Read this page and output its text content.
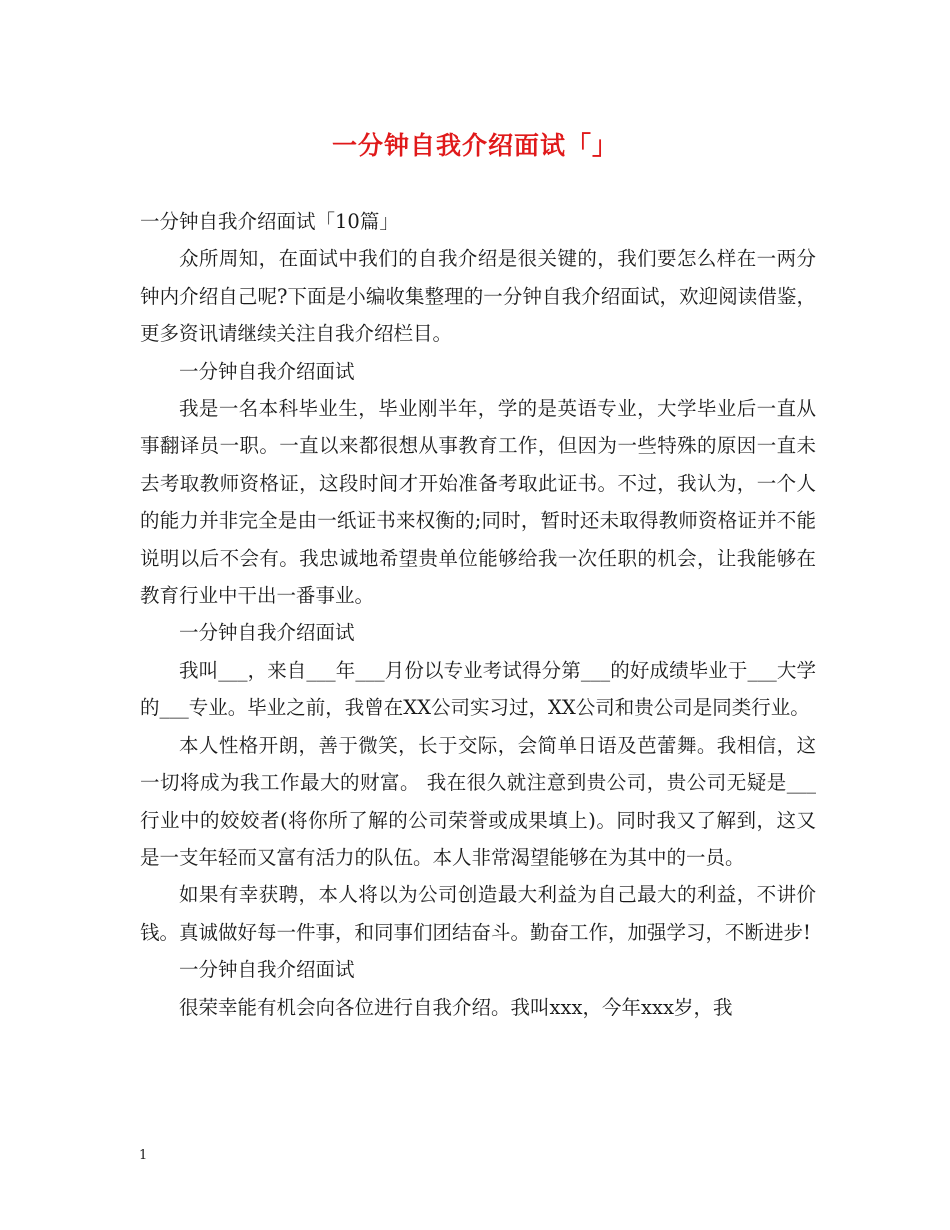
一分钟自我介绍面试「」

一分钟自我介绍面试「10篇」

众所周知，在面试中我们的自我介绍是很关键的，我们要怎么样在一两分钟内介绍自己呢?下面是小编收集整理的一分钟自我介绍面试，欢迎阅读借鉴，更多资讯请继续关注自我介绍栏目。

一分钟自我介绍面试

我是一名本科毕业生，毕业刚半年，学的是英语专业，大学毕业后一直从事翻译员一职。一直以来都很想从事教育工作，但因为一些特殊的原因一直未去考取教师资格证，这段时间才开始准备考取此证书。不过，我认为，一个人的能力并非完全是由一纸证书来权衡的;同时，暂时还未取得教师资格证并不能说明以后不会有。我忠诚地希望贵单位能够给我一次任职的机会，让我能够在教育行业中干出一番事业。

一分钟自我介绍面试

我叫___，来自___年___月份以专业考试得分第___的好成绩毕业于___大学的___专业。毕业之前，我曾在XX公司实习过，XX公司和贵公司是同类行业。

本人性格开朗，善于微笑，长于交际，会简单日语及芭蕾舞。我相信，这一切将成为我工作最大的财富。 我在很久就注意到贵公司，贵公司无疑是___行业中的姣姣者(将你所了解的公司荣誉或成果填上)。同时我又了解到，这又是一支年轻而又富有活力的队伍。本人非常渴望能够在为其中的一员。

如果有幸获聘，本人将以为公司创造最大利益为自己最大的利益，不讲价钱。真诚做好每一件事，和同事们团结奋斗。勤奋工作，加强学习，不断进步!

一分钟自我介绍面试

很荣幸能有机会向各位进行自我介绍。我叫xxx，今年xxx岁，我

1
